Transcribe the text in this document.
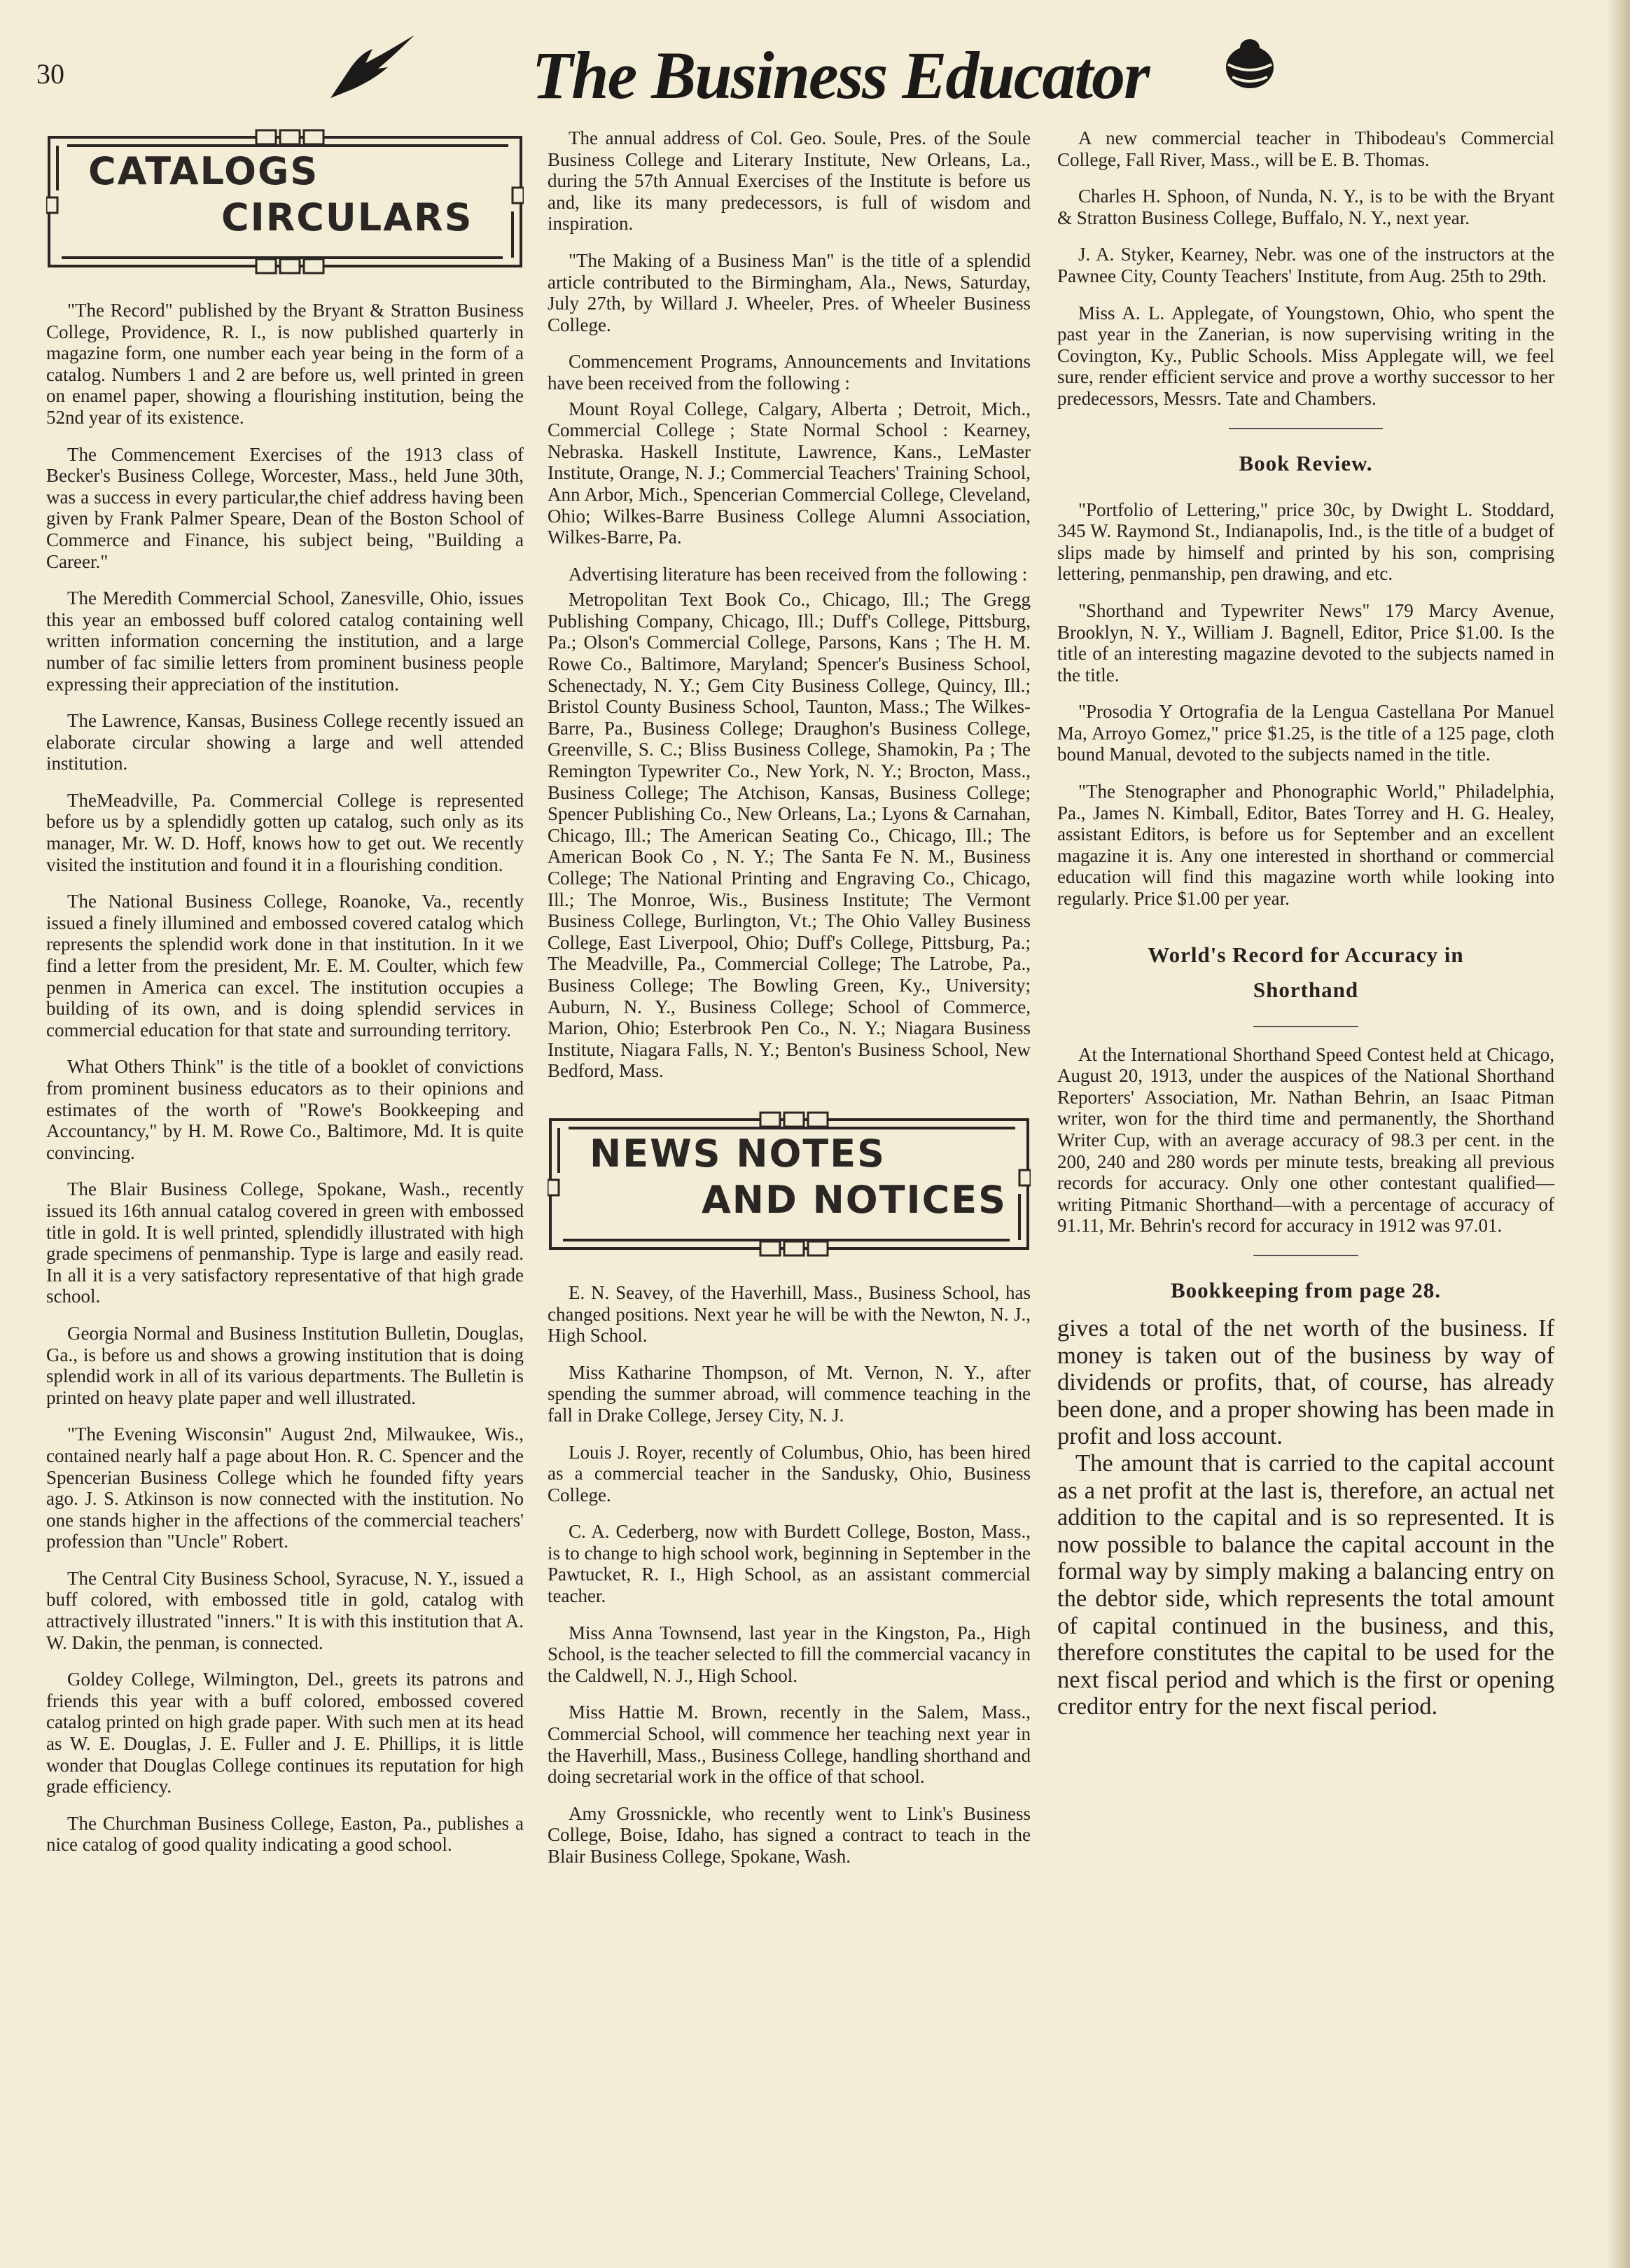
30	The Business Educator
CATALOGS
CIRCULARS

"The Record" published by the Bryant & Stratton Business College, Providence, R. I., is now published quarterly in magazine form, one number each year being in the form of a catalog. Numbers 1 and 2 are before us, well printed in green on enamel paper, showing a flourishing institution, being the 52nd year of its existence.

The Commencement Exercises of the 1913 class of Becker's Business College, Worcester, Mass., held June 30th, was a success in every particular,the chief address having been given by Frank Palmer Speare, Dean of the Boston School of Commerce and Finance, his subject being, "Building a Career."

The Meredith Commercial School, Zanesville, Ohio, issues this year an embossed buff colored catalog containing well written information concerning the institution, and a large number of fac similie letters from prominent business people expressing their appreciation of the institution.

The Lawrence, Kansas, Business College recently issued an elaborate circular showing a large and well attended institution.

TheMeadville, Pa. Commercial College is represented before us by a splendidly gotten up catalog, such only as its manager, Mr. W. D. Hoff, knows how to get out. We recently visited the institution and found it in a flourishing condition.

The National Business College, Roanoke, Va., recently issued a finely illumined and embossed covered catalog which represents the splendid work done in that institution. In it we find a letter from the president, Mr. E. M. Coulter, which few penmen in America can excel. The institution occupies a building of its own, and is doing splendid services in commercial education for that state and surrounding territory.

What Others Think" is the title of a booklet of convictions from prominent business educators as to their opinions and estimates of the worth of "Rowe's Bookkeeping and Accountancy," by H. M. Rowe Co., Baltimore, Md. It is quite convincing.

The Blair Business College, Spokane, Wash., recently issued its 16th annual catalog covered in green with embossed title in gold. It is well printed, splendidly illustrated with high grade specimens of penmanship. Type is large and easily read. In all it is a very satisfactory representative of that high grade school.

Georgia Normal and Business Institution Bulletin, Douglas, Ga., is before us and shows a growing institution that is doing splendid work in all of its various departments. The Bulletin is printed on heavy plate paper and well illustrated.

"The Evening Wisconsin" August 2nd, Milwaukee, Wis., contained nearly half a page about Hon. R. C. Spencer and the Spencerian Business College which he founded fifty years ago. J. S. Atkinson is now connected with the institution. No one stands higher in the affections of the commercial teachers' profession than "Uncle" Robert.

The Central City Business School, Syracuse, N. Y., issued a buff colored, with embossed title in gold, catalog with attractively illustrated "inners." It is with this institution that A. W. Dakin, the penman, is connected.

Goldey College, Wilmington, Del., greets its patrons and friends this year with a buff colored, embossed covered catalog printed on high grade paper. With such men at its head as W. E. Douglas, J. E. Fuller and J. E. Phillips, it is little wonder that Douglas College continues its reputation for high grade efficiency.

The Churchman Business College, Easton, Pa., publishes a nice catalog of good quality indicating a good school.

The annual address of Col. Geo. Soule, Pres. of the Soule Business College and Literary Institute, New Orleans, La., during the 57th Annual Exercises of the Institute is before us and, like its many predecessors, is full of wisdom and inspiration.

"The Making of a Business Man" is the title of a splendid article contributed to the Birmingham, Ala., News, Saturday, July 27th, by Willard J. Wheeler, Pres. of Wheeler Business College.

Commencement Programs, Announcements and Invitations have been received from the following :

Mount Royal College, Calgary, Alberta ; Detroit, Mich., Commercial College ; State Normal School : Kearney, Nebraska. Haskell Institute, Lawrence, Kans., LeMaster Institute, Orange, N. J.; Commercial Teachers' Training School, Ann Arbor, Mich., Spencerian Commercial College, Cleveland, Ohio; Wilkes-Barre Business College Alumni Association, Wilkes-Barre, Pa.

Advertising literature has been received from the following :

Metropolitan Text Book Co., Chicago, Ill.; The Gregg Publishing Company, Chicago, Ill.; Duff's College, Pittsburg, Pa.; Olson's Commercial College, Parsons, Kans ; The H. M. Rowe Co., Baltimore, Maryland; Spencer's Business School, Schenectady, N. Y.; Gem City Business College, Quincy, Ill.; Bristol County Business School, Taunton, Mass.; The Wilkes-Barre, Pa., Business College; Draughon's Business College, Greenville, S. C.; Bliss Business College, Shamokin, Pa ; The Remington Typewriter Co., New York, N. Y.; Brocton, Mass., Business College; The Atchison, Kansas, Business College; Spencer Publishing Co., New Orleans, La.; Lyons & Carnahan, Chicago, Ill.; The American Seating Co., Chicago, Ill.; The American Book Co , N. Y.; The Santa Fe N. M., Business College; The National Printing and Engraving Co., Chicago, Ill.; The Monroe, Wis., Business Institute; The Vermont Business College, Burlington, Vt.; The Ohio Valley Business College, East Liverpool, Ohio; Duff's College, Pittsburg, Pa.; The Meadville, Pa., Commercial College; The Latrobe, Pa., Business College; The Bowling Green, Ky., University; Auburn, N. Y., Business College; School of Commerce, Marion, Ohio; Esterbrook Pen Co., N. Y.; Niagara Business Institute, Niagara Falls, N. Y.; Benton's Business School, New Bedford, Mass.

NEWS NOTES
AND NOTICES

E. N. Seavey, of the Haverhill, Mass., Business School, has changed positions. Next year he will be with the Newton, N. J., High School.

Miss Katharine Thompson, of Mt. Vernon, N. Y., after spending the summer abroad, will commence teaching in the fall in Drake College, Jersey City, N. J.

Louis J. Royer, recently of Columbus, Ohio, has been hired as a commercial teacher in the Sandusky, Ohio, Business College.

C. A. Cederberg, now with Burdett College, Boston, Mass., is to change to high school work, beginning in September in the Pawtucket, R. I., High School, as an assistant commercial teacher.

Miss Anna Townsend, last year in the Kingston, Pa., High School, is the teacher selected to fill the commercial vacancy in the Caldwell, N. J., High School.

Miss Hattie M. Brown, recently in the Salem, Mass., Commercial School, will commence her teaching next year in the Haverhill, Mass., Business College, handling shorthand and doing secretarial work in the office of that school.

Amy Grossnickle, who recently went to Link's Business College, Boise, Idaho, has signed a contract to teach in the Blair Business College, Spokane, Wash.

A new commercial teacher in Thibodeau's Commercial College, Fall River, Mass., will be E. B. Thomas.

Charles H. Sphoon, of Nunda, N. Y., is to be with the Bryant & Stratton Business College, Buffalo, N. Y., next year.

J. A. Styker, Kearney, Nebr. was one of the instructors at the Pawnee City, County Teachers' Institute, from Aug. 25th to 29th.

Miss A. L. Applegate, of Youngstown, Ohio, who spent the past year in the Zanerian, is now supervising writing in the Covington, Ky., Public Schools. Miss Applegate will, we feel sure, render efficient service and prove a worthy successor to her predecessors, Messrs. Tate and Chambers.

Book Review.

"Portfolio of Lettering," price 30c, by Dwight L. Stoddard, 345 W. Raymond St., Indianapolis, Ind., is the title of a budget of slips made by himself and printed by his son, comprising lettering, penmanship, pen drawing, and etc.

"Shorthand and Typewriter News" 179 Marcy Avenue, Brooklyn, N. Y., William J. Bagnell, Editor, Price $1.00. Is the title of an interesting magazine devoted to the subjects named in the title.

"Prosodia Y Ortografia de la Lengua Castellana Por Manuel Ma, Arroyo Gomez," price $1.25, is the title of a 125 page, cloth bound Manual, devoted to the subjects named in the title.

"The Stenographer and Phonographic World," Philadelphia, Pa., James N. Kimball, Editor, Bates Torrey and H. G. Healey, assistant Editors, is before us for September and an excellent magazine it is. Any one interested in shorthand or commercial education will find this magazine worth while looking into regularly. Price $1.00 per year.

World's Record for Accuracy in
Shorthand

At the International Shorthand Speed Contest held at Chicago, August 20, 1913, under the auspices of the National Shorthand Reporters' Association, Mr. Nathan Behrin, an Isaac Pitman writer, won for the third time and permanently, the Shorthand Writer Cup, with an average accuracy of 98.3 per cent. in the 200, 240 and 280 words per minute tests, breaking all previous records for accuracy. Only one other contestant qualified—writing Pitmanic Shorthand—with a percentage of accuracy of 91.11, Mr. Behrin's record for accuracy in 1912 was 97.01.

Bookkeeping from page 28.

gives a total of the net worth of the business. If money is taken out of the business by way of dividends or profits, that, of course, has already been done, and a proper showing has been made in profit and loss account.

The amount that is carried to the capital account as a net profit at the last is, therefore, an actual net addition to the capital and is so represented. It is now possible to balance the capital account in the formal way by simply making a balancing entry on the debtor side, which represents the total amount of capital continued in the business, and this, therefore constitutes the capital to be used for the next fiscal period and which is the first or opening creditor entry for the next fiscal period.
